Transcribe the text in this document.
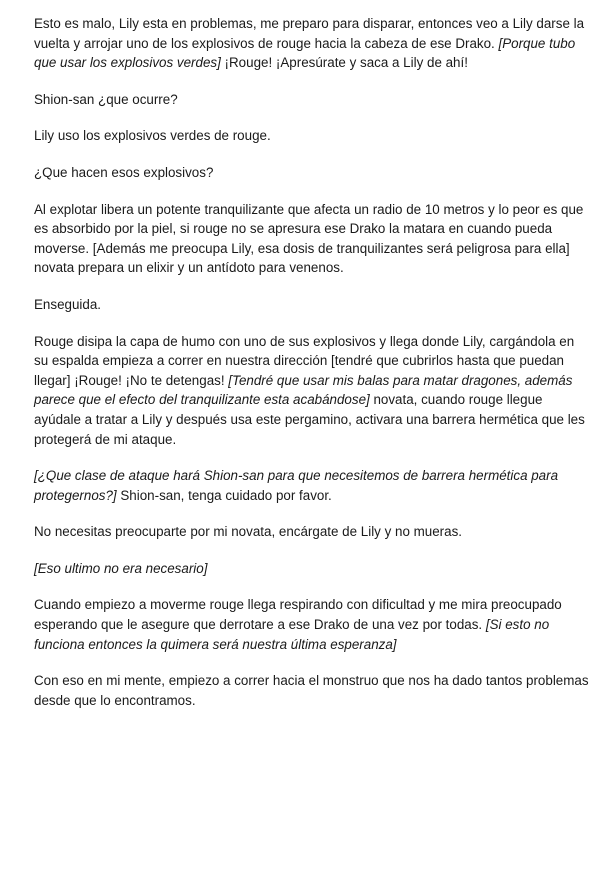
Esto es malo, Lily esta en problemas, me preparo para disparar, entonces veo a Lily darse la vuelta y arrojar uno de los explosivos de rouge hacia la cabeza de ese Drako. [Porque tubo que usar los explosivos verdes] ¡Rouge! ¡Apresúrate y saca a Lily de ahí!

Shion-san ¿que ocurre?

Lily uso los explosivos verdes de rouge.

¿Que hacen esos explosivos?

Al explotar libera un potente tranquilizante que afecta un radio de 10 metros y lo peor es que es absorbido por la piel, si rouge no se apresura ese Drako la matara en cuando pueda moverse. [Además me preocupa Lily, esa dosis de tranquilizantes será peligrosa para ella] novata prepara un elixir y un antídoto para venenos.

Enseguida.

Rouge disipa la capa de humo con uno de sus explosivos y llega donde Lily, cargándola en su espalda empieza a correr en nuestra dirección [tendré que cubrirlos hasta que puedan llegar] ¡Rouge! ¡No te detengas! [Tendré que usar mis balas para matar dragones, además parece que el efecto del tranquilizante esta acabándose] novata, cuando rouge llegue ayúdale a tratar a Lily y después usa este pergamino, activara una barrera hermética que les protegerá de mi ataque.

[¿Que clase de ataque hará Shion-san para que necesitemos de barrera hermética para protegernos?] Shion-san, tenga cuidado por favor.

No necesitas preocuparte por mi novata, encárgate de Lily y no mueras.

[Eso ultimo no era necesario]

Cuando empiezo a moverme rouge llega respirando con dificultad y me mira preocupado esperando que le asegure que derrotare a ese Drako de una vez por todas. [Si esto no funciona entonces la quimera será nuestra última esperanza]

Con eso en mi mente, empiezo a correr hacia el monstruo que nos ha dado tantos problemas desde que lo encontramos.
